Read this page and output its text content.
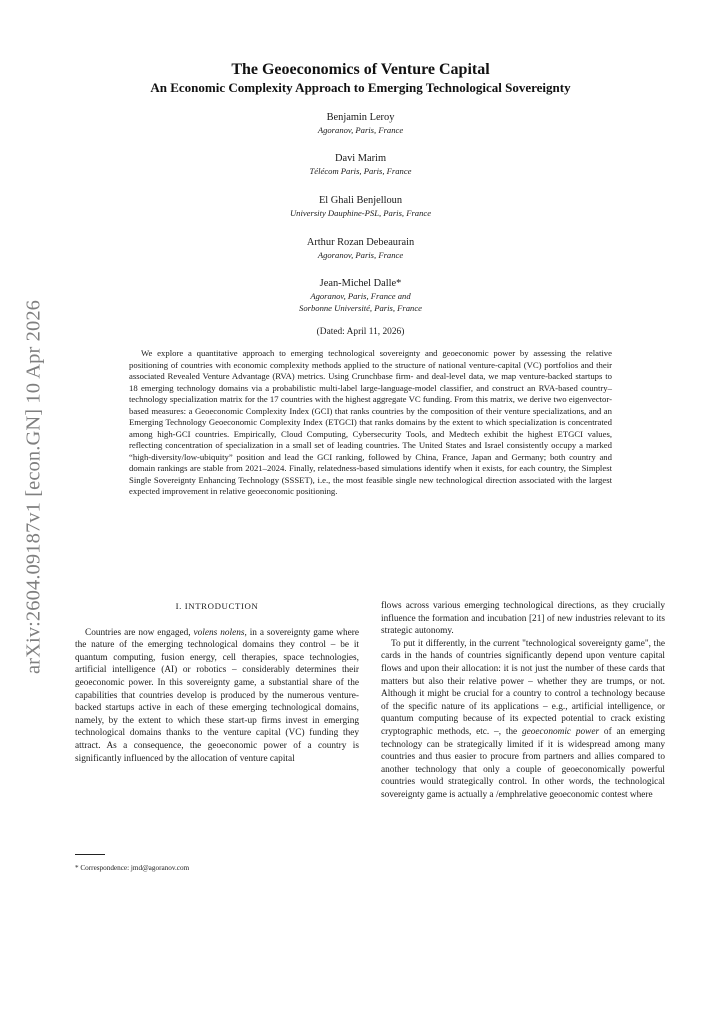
arXiv:2604.09187v1 [econ.GN] 10 Apr 2026
The Geoeconomics of Venture Capital
An Economic Complexity Approach to Emerging Technological Sovereignty
Benjamin Leroy
Agoranov, Paris, France
Davi Marim
Télécom Paris, Paris, France
El Ghali Benjelloun
University Dauphine-PSL, Paris, France
Arthur Rozan Debeaurain
Agoranov, Paris, France
Jean-Michel Dalle*
Agoranov, Paris, France and
Sorbonne Université, Paris, France
(Dated: April 11, 2026)
We explore a quantitative approach to emerging technological sovereignty and geoeconomic power by assessing the relative positioning of countries with economic complexity methods applied to the structure of national venture-capital (VC) portfolios and their associated Revealed Venture Advantage (RVA) metrics. Using Crunchbase firm- and deal-level data, we map venture-backed startups to 18 emerging technology domains via a probabilistic multi-label large-language-model classifier, and construct an RVA-based country–technology specialization matrix for the 17 countries with the highest aggregate VC funding. From this matrix, we derive two eigenvector-based measures: a Geoeconomic Complexity Index (GCI) that ranks countries by the composition of their venture specializations, and an Emerging Technology Geoeconomic Complexity Index (ETGCI) that ranks domains by the extent to which specialization is concentrated among high-GCI countries. Empirically, Cloud Computing, Cybersecurity Tools, and Medtech exhibit the highest ETGCI values, reflecting concentration of specialization in a small set of leading countries. The United States and Israel consistently occupy a marked “high-diversity/low-ubiquity” position and lead the GCI ranking, followed by China, France, Japan and Germany; both country and domain rankings are stable from 2021–2024. Finally, relatedness-based simulations identify when it exists, for each country, the Simplest Single Sovereignty Enhancing Technology (SSSET), i.e., the most feasible single new technological direction associated with the largest expected improvement in relative geoeconomic positioning.
I. INTRODUCTION

Countries are now engaged, volens nolens, in a sovereignty game where the nature of the emerging technological domains they control – be it quantum computing, fusion energy, cell therapies, space technologies, artificial intelligence (AI) or robotics – considerably determines their geoeconomic power. In this sovereignty game, a substantial share of the capabilities that countries develop is produced by the numerous venture-backed startups active in each of these emerging technological domains, namely, by the extent to which these start-up firms invest in emerging technological domains thanks to the venture capital (VC) funding they attract. As a consequence, the geoeconomic power of a country is significantly influenced by the allocation of venture capital

flows across various emerging technological directions, as they crucially influence the formation and incubation [21] of new industries relevant to its strategic autonomy.

To put it differently, in the current "technological sovereignty game", the cards in the hands of countries significantly depend upon venture capital flows and upon their allocation: it is not just the number of these cards that matters but also their relative power – whether they are trumps, or not. Although it might be crucial for a country to control a technology because of the specific nature of its applications – e.g., artificial intelligence, or quantum computing because of its expected potential to crack existing cryptographic methods, etc. –, the geoeconomic power of an emerging technology can be strategically limited if it is widespread among many countries and thus easier to procure from partners and allies compared to another technology that only a couple of geoeconomically powerful countries would strategically control. In other words, the technological sovereignty game is actually a /emphrelative geoeconomic contest where

* Correspondence: jmd@agoranov.com
